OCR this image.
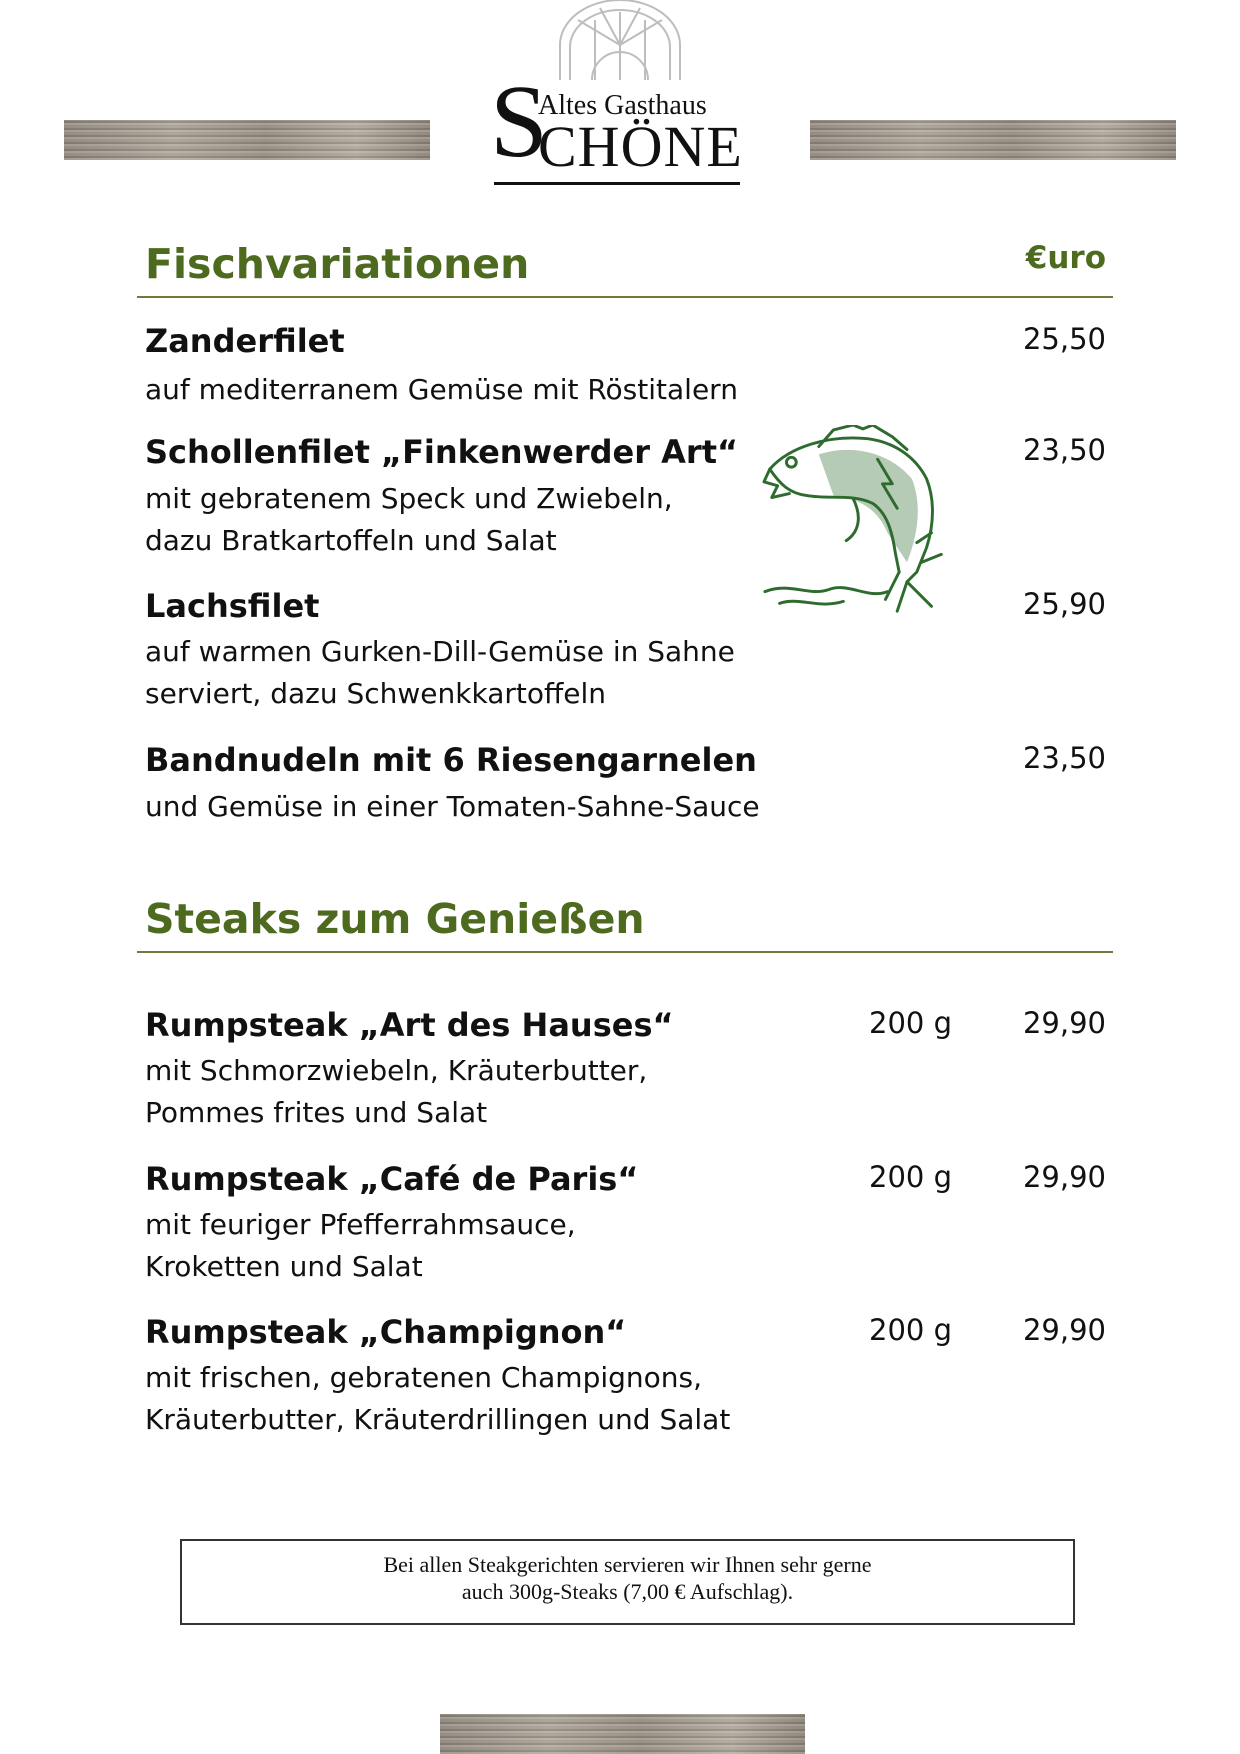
S
Altes Gasthaus
CHÖNE
Fischvariationen	€uro
Zanderfilet	25,50
auf mediterranem Gemüse mit Röstitalern
Schollenfilet „Finkenwerder Art“	23,50
mit gebratenem Speck und Zwiebeln,
dazu Bratkartoffeln und Salat
Lachsfilet	25,90
auf warmen Gurken-Dill-Gemüse in Sahne
serviert, dazu Schwenkkartoffeln
Bandnudeln mit 6 Riesengarnelen	23,50
und Gemüse in einer Tomaten-Sahne-Sauce
Steaks zum Genießen
Rumpsteak „Art des Hauses“	200 g	29,90
mit Schmorzwiebeln, Kräuterbutter,
Pommes frites und Salat
Rumpsteak „Café de Paris“	200 g	29,90
mit feuriger Pfefferrahmsauce,
Kroketten und Salat
Rumpsteak „Champignon“	200 g	29,90
mit frischen, gebratenen Champignons,
Kräuterbutter, Kräuterdrillingen und Salat
Bei allen Steakgerichten servieren wir Ihnen sehr gerne
auch 300g-Steaks (7,00 € Aufschlag).
